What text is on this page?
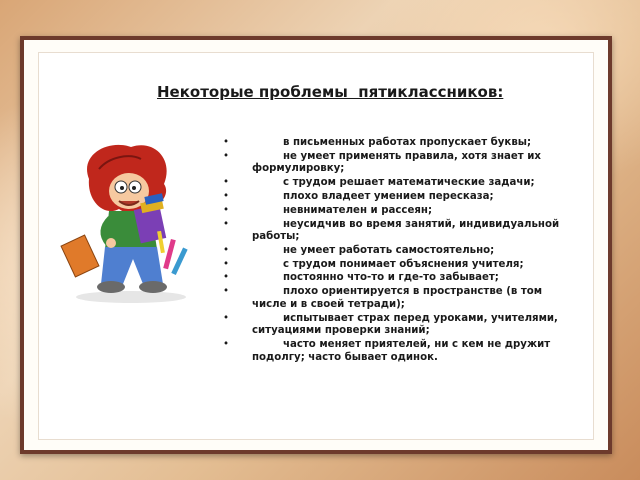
Некоторые проблемы  пятиклассников:
• в письменных работах пропускает буквы;
• не умеет применять правила, хотя знает их формулировку;
• с трудом решает математические задачи;
• плохо владеет умением пересказа;
• невнимателен и рассеян;
• неусидчив во время занятий, индивидуальной работы;
• не умеет работать самостоятельно;
• с трудом понимает объяснения учителя;
• постоянно что-то и где-то забывает;
• плохо ориентируется в пространстве (в том числе и в своей тетради);
• испытывает страх перед уроками, учителями, ситуациями проверки знаний;
• часто меняет приятелей, ни с кем не дружит подолгу; часто бывает одинок.
